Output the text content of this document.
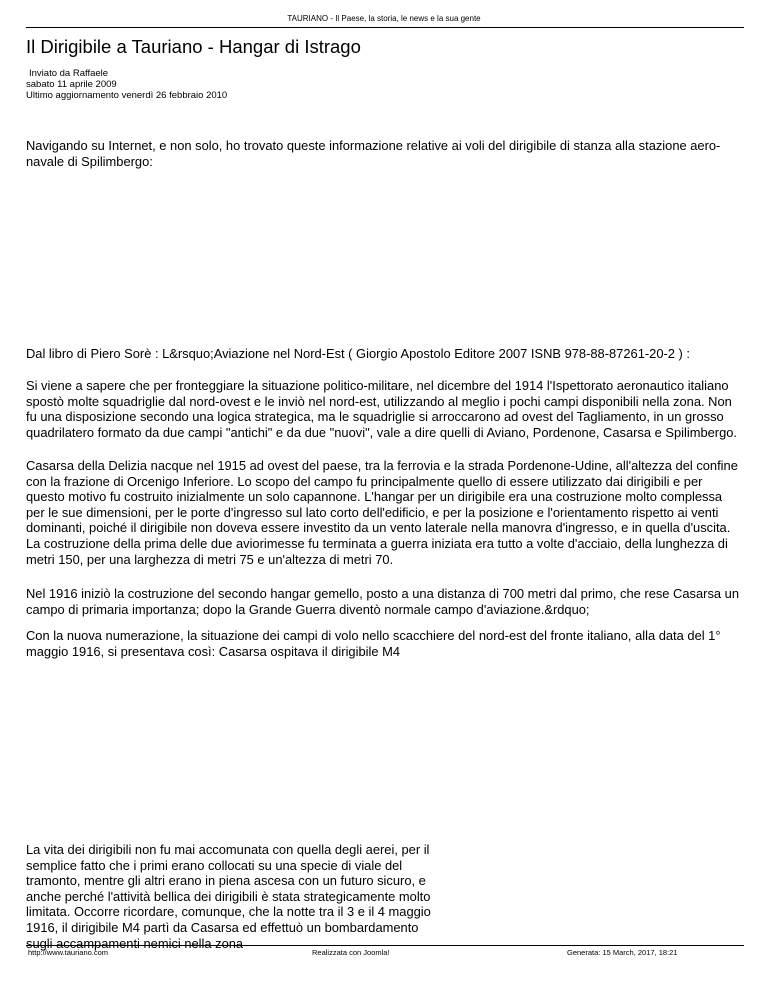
TAURIANO - Il Paese, la storia, le news e la sua gente
Il Dirigibile a Tauriano - Hangar di Istrago
Inviato da Raffaele
sabato 11 aprile 2009
Ultimo aggiornamento venerdì 26 febbraio 2010

Navigando su Internet, e non solo, ho trovato queste informazione relative ai voli del dirigibile di stanza alla stazione aero-navale di Spilimbergo:

Dal libro di Piero Sorè : L&rsquo;Aviazione nel Nord-Est ( Giorgio Apostolo Editore 2007 ISNB 978-88-87261-20-2 ) :

Si viene a sapere che per fronteggiare la situazione politico-militare, nel dicembre del 1914 l'Ispettorato aeronautico italiano spostò molte squadriglie dal nord-ovest e le inviò nel nord-est, utilizzando al meglio i pochi campi disponibili nella zona. Non fu una disposizione secondo una logica strategica, ma le squadriglie si arroccarono ad ovest del Tagliamento, in un grosso quadrilatero formato da due campi "antichi" e da due "nuovi", vale a dire quelli di Aviano, Pordenone, Casarsa e Spilimbergo.

Casarsa della Delizia nacque nel 1915 ad ovest del paese, tra la ferrovia e la strada Pordenone-Udine, all'altezza del confine con la frazione di Orcenigo Inferiore. Lo scopo del campo fu principalmente quello di essere utilizzato dai dirigibili e per questo motivo fu costruito inizialmente un solo capannone. L'hangar per un dirigibile era una costruzione molto complessa per le sue dimensioni, per le porte d'ingresso sul lato corto dell'edificio, e per la posizione e l'orientamento rispetto ai venti dominanti, poiché il dirigibile non doveva essere investito da un vento laterale nella manovra d'ingresso, e in quella d'uscita. La costruzione della prima delle due aviorimesse fu terminata a guerra iniziata era tutto a volte d'acciaio, della lunghezza di metri 150, per una larghezza di metri 75 e un'altezza di metri 70.

Nel 1916 iniziò la costruzione del secondo hangar gemello, posto a una distanza di 700 metri dal primo, che rese Casarsa un campo di primaria importanza; dopo la Grande Guerra diventò normale campo d'aviazione.&rdquo;

Con la nuova numerazione, la situazione dei campi di volo nello scacchiere del nord-est del fronte italiano, alla data del 1° maggio 1916, si presentava così: Casarsa ospitava il dirigibile M4

La vita dei dirigibili non fu mai accomunata con quella degli aerei, per il semplice fatto che i primi erano collocati su una specie di viale del tramonto, mentre gli altri erano in piena ascesa con un futuro sicuro, e anche perché l'attività bellica dei dirigibili è stata strategicamente molto limitata. Occorre ricordare, comunque, che la notte tra il 3 e il 4 maggio 1916, il dirigibile M4 partì da Casarsa ed effettuò un bombardamento sugli accampamenti nemici nella zona

http://www.tauriano.com	Realizzata con Joomla!	Generata: 15 March, 2017, 18:21
